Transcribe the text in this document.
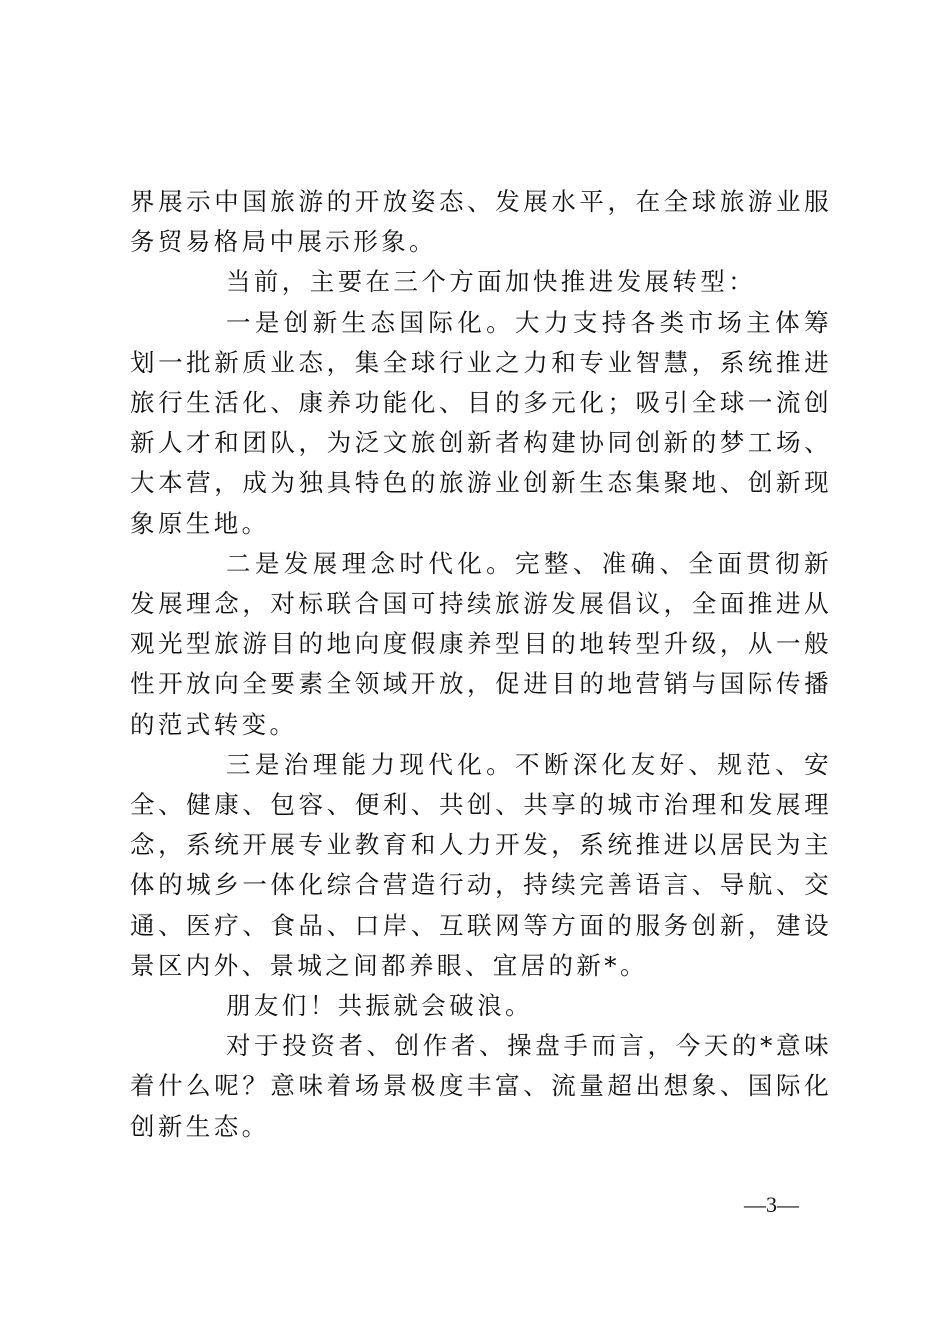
界展示中国旅游的开放姿态、发展水平，在全球旅游业服务贸易格局中展示形象。

当前，主要在三个方面加快推进发展转型：

一是创新生态国际化。大力支持各类市场主体筹划一批新质业态，集全球行业之力和专业智慧，系统推进旅行生活化、康养功能化、目的多元化；吸引全球一流创新人才和团队，为泛文旅创新者构建协同创新的梦工场、大本营，成为独具特色的旅游业创新生态集聚地、创新现象原生地。

二是发展理念时代化。完整、准确、全面贯彻新发展理念，对标联合国可持续旅游发展倡议，全面推进从观光型旅游目的地向度假康养型目的地转型升级，从一般性开放向全要素全领域开放，促进目的地营销与国际传播的范式转变。

三是治理能力现代化。不断深化友好、规范、安全、健康、包容、便利、共创、共享的城市治理和发展理念，系统开展专业教育和人力开发，系统推进以居民为主体的城乡一体化综合营造行动，持续完善语言、导航、交通、医疗、食品、口岸、互联网等方面的服务创新，建设景区内外、景城之间都养眼、宜居的新*。

朋友们！共振就会破浪。

对于投资者、创作者、操盘手而言，今天的*意味着什么呢？意味着场景极度丰富、流量超出想象、国际化创新生态。

—3—
